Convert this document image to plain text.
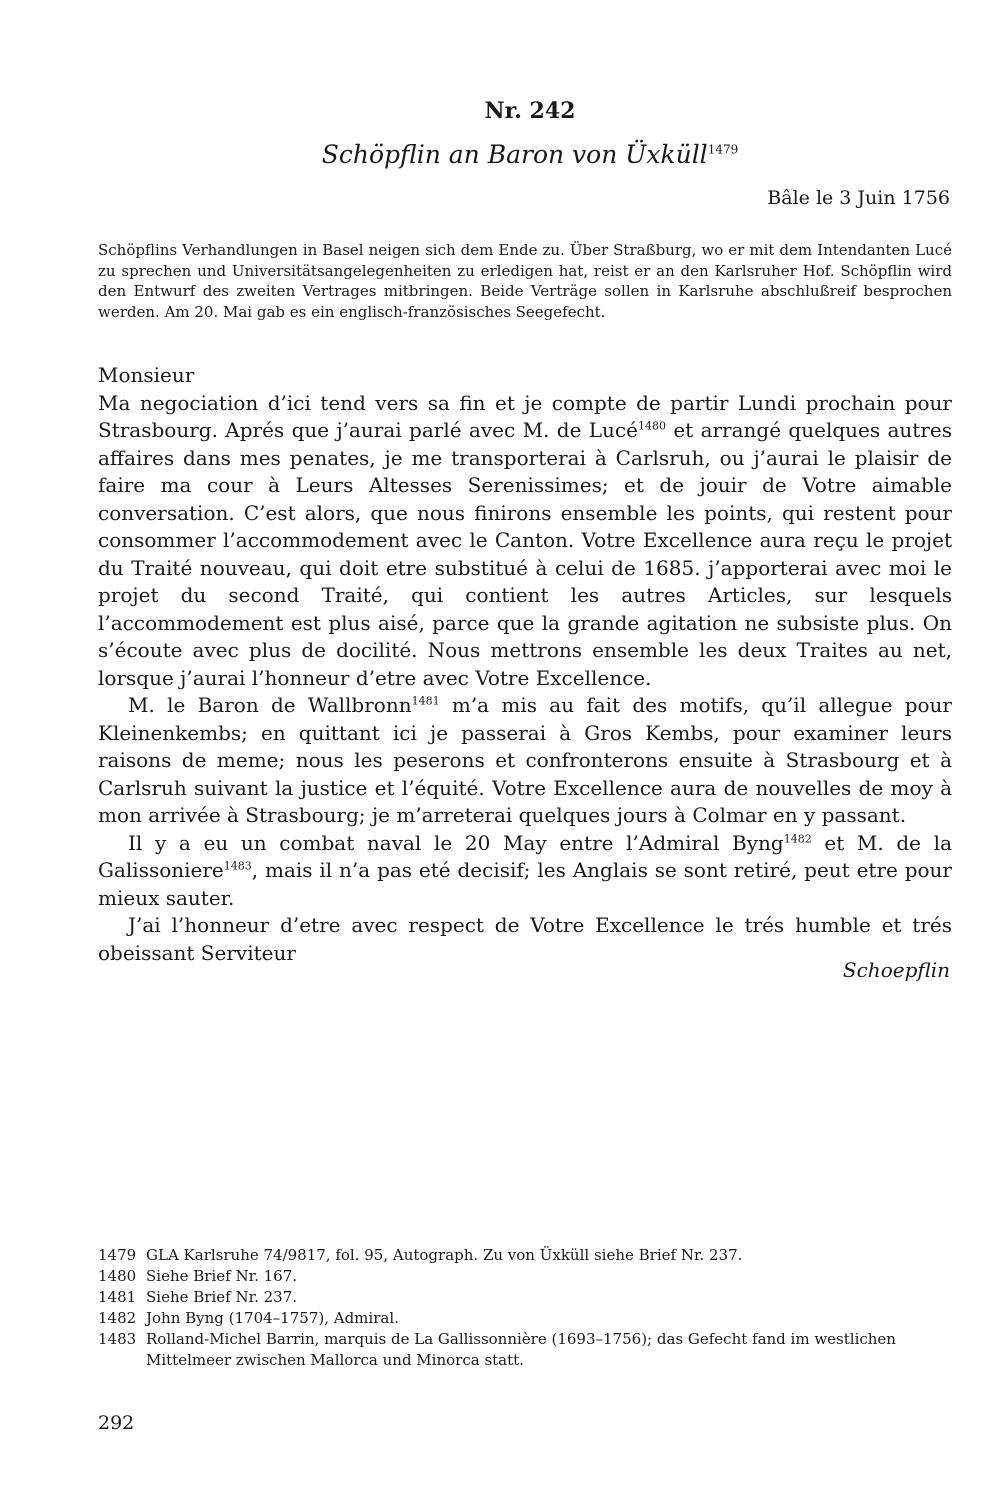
Nr. 242
Schöpflin an Baron von Üxküll$^{1479}$
Bâle le 3 Juin 1756
Schöpflins Verhandlungen in Basel neigen sich dem Ende zu. Über Straßburg, wo er mit dem Intendanten Lucé zu sprechen und Universitätsangelegenheiten zu erledigen hat, reist er an den Karlsruher Hof. Schöpflin wird den Entwurf des zweiten Vertrages mitbringen. Beide Verträge sollen in Karlsruhe abschlußreif besprochen werden. Am 20. Mai gab es ein englisch-französisches Seegefecht.

Monsieur

Ma negociation d’ici tend vers sa fin et je compte de partir Lundi prochain pour Strasbourg. Aprés que j’aurai parlé avec M. de Lucé$^{1480}$ et arrangé quelques autres affaires dans mes penates, je me transporterai à Carlsruh, ou j’aurai le plaisir de faire ma cour à Leurs Altesses Serenissimes; et de jouir de Votre aimable conversation. C’est alors, que nous finirons ensemble les points, qui restent pour consommer l’accommodement avec le Canton. Votre Excellence aura reçu le projet du Traité nouveau, qui doit etre substitué à celui de 1685. j’apporterai avec moi le projet du second Traité, qui contient les autres Articles, sur lesquels l’accommodement est plus aisé, parce que la grande agitation ne subsiste plus. On s’écoute avec plus de docilité. Nous mettrons ensemble les deux Traites au net, lorsque j’aurai l’honneur d’etre avec Votre Excellence.

M. le Baron de Wallbronn$^{1481}$ m’a mis au fait des motifs, qu’il allegue pour Kleinenkembs; en quittant ici je passerai à Gros Kembs, pour examiner leurs raisons de meme; nous les peserons et confronterons ensuite à Strasbourg et à Carlsruh suivant la justice et l’équité. Votre Excellence aura de nouvelles de moy à mon arrivée à Strasbourg; je m’arreterai quelques jours à Colmar en y passant.

Il y a eu un combat naval le 20 May entre l’Admiral Byng$^{1482}$ et M. de la Galissoniere$^{1483}$, mais il n’a pas eté decisif; les Anglais se sont retiré, peut etre pour mieux sauter.

J’ai l’honneur d’etre avec respect de Votre Excellence le trés humble et trés obeissant Serviteur

Schoepflin
1479 GLA Karlsruhe 74/9817, fol. 95, Autograph. Zu von Üxküll siehe Brief Nr. 237.
1480 Siehe Brief Nr. 167.
1481 Siehe Brief Nr. 237.
1482 John Byng (1704–1757), Admiral.
1483 Rolland-Michel Barrin, marquis de La Gallissonnière (1693–1756); das Gefecht fand im westlichen Mittelmeer zwischen Mallorca und Minorca statt.
292
